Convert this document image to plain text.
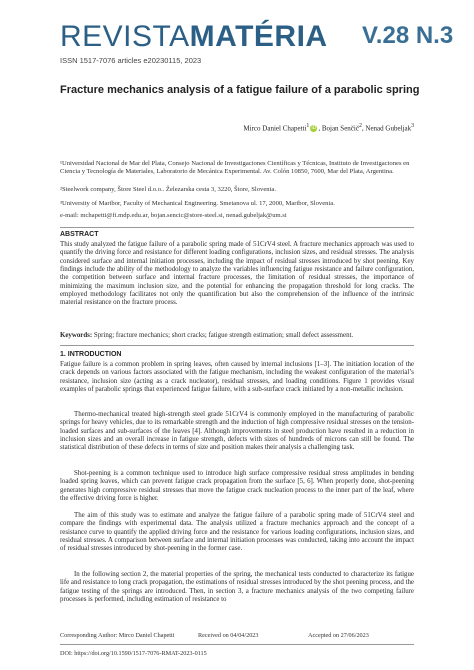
REVISTAMATÉRIA V.28 N.3
ISSN 1517-7076 articles e20230115, 2023
Fracture mechanics analysis of a fatigue failure of a parabolic spring
Mirco Daniel Chapetti$^1$ iD , Bojan Senčič$^2$, Nenad Gubeljak$^3$
¹Universidad Nacional de Mar del Plata, Consejo Nacional de Investigaciones Científicas y Técnicas, Instituto de Investigaciones en Ciencia y Tecnología de Materiales, Laboratorio de Mecánica Experimental. Av. Colón 10850, 7600, Mar del Plata, Argentina.
²Steelwork company, Štore Steel d.o.o.. Železarska cesta 3, 3220, Štore, Slovenia.
³University of Maribor, Faculty of Mechanical Engineering. Smetanova ul. 17, 2000, Maribor, Slovenia.
e-mail: mchapetti@fi.mdp.edu.ar, bojan.sencic@store-steel.si, nenad.gubeljak@um.si
ABSTRACT
This study analyzed the fatigue failure of a parabolic spring made of 51CrV4 steel. A fracture mechanics approach was used to quantify the driving force and resistance for different loading configurations, inclusion sizes, and residual stresses. The analysis considered surface and internal initiation processes, including the impact of residual stresses introduced by shot peening. Key findings include the ability of the methodology to analyze the variables influencing fatigue resistance and failure configuration, the competition between surface and internal fracture processes, the limitation of residual stresses, the importance of minimizing the maximum inclusion size, and the potential for enhancing the propagation threshold for long cracks. The employed methodology facilitates not only the quantification but also the comprehension of the influence of the intrinsic material resistance on the fracture process.
Keywords: Spring; fracture mechanics; short cracks; fatigue strength estimation; small defect assessment.
1. INTRODUCTION
Fatigue failure is a common problem in spring leaves, often caused by internal inclusions [1–3]. The initiation location of the crack depends on various factors associated with the fatigue mechanism, including the weakest configuration of the material’s resistance, inclusion size (acting as a crack nucleator), residual stresses, and loading conditions. Figure 1 provides visual examples of parabolic springs that experienced fatigue failure, with a sub-surface crack initiated by a non-metallic inclusion.
Thermo-mechanical treated high-strength steel grade 51CrV4 is commonly employed in the manufacturing of parabolic springs for heavy vehicles, due to its remarkable strength and the induction of high compressive residual stresses on the tension-loaded surfaces and sub-surfaces of the leaves [4]. Although improvements in steel production have resulted in a reduction in inclusion sizes and an overall increase in fatigue strength, defects with sizes of hundreds of microns can still be found. The statistical distribution of these defects in terms of size and position makes their analysis a challenging task.
Shot-peening is a common technique used to introduce high surface compressive residual stress amplitudes in bending loaded spring leaves, which can prevent fatigue crack propagation from the surface [5, 6]. When properly done, shot-peening generates high compressive residual stresses that move the fatigue crack nucleation process to the inner part of the leaf, where the effective driving force is higher.
The aim of this study was to estimate and analyze the fatigue failure of a parabolic spring made of 51CrV4 steel and compare the findings with experimental data. The analysis utilized a fracture mechanics approach and the concept of a resistance curve to quantify the applied driving force and the resistance for various loading configurations, inclusion sizes, and residual stresses. A comparison between surface and internal initiation processes was conducted, taking into account the impact of residual stresses introduced by shot-peening in the former case.
In the following section 2, the material properties of the spring, the mechanical tests conducted to characterize its fatigue life and resistance to long crack propagation, the estimations of residual stresses introduced by the shot peening process, and the fatigue testing of the springs are introduced. Then, in section 3, a fracture mechanics analysis of the two competing failure processes is performed, including estimation of resistance to
Corresponding Author: Mirco Daniel Chapetti	Received on 04/04/2023	Accepted on 27/06/2023
DOI: https://doi.org/10.1590/1517-7076-RMAT-2023-0115
